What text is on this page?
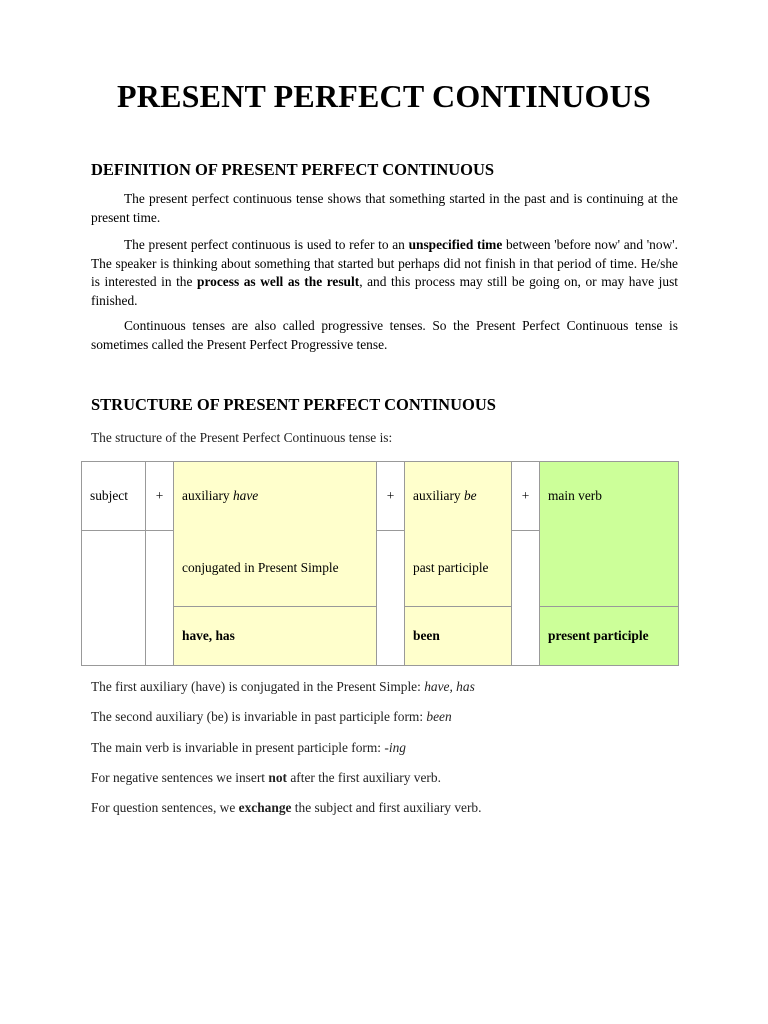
PRESENT PERFECT CONTINUOUS
DEFINITION OF PRESENT PERFECT CONTINUOUS

The present perfect continuous tense shows that something started in the past and is continuing at the present time.

The present perfect continuous is used to refer to an unspecified time between 'before now' and 'now'. The speaker is thinking about something that started but perhaps did not finish in that period of time. He/she is interested in the process as well as the result, and this process may still be going on, or may have just finished.

Continuous tenses are also called progressive tenses. So the Present Perfect Continuous tense is sometimes called the Present Perfect Progressive tense.

STRUCTURE OF PRESENT PERFECT CONTINUOUS

The structure of the Present Perfect Continuous tense is:

subject	+	auxiliary have	+	auxiliary be	+	main verb
		conjugated in Present Simple		past participle		
		have, has		been		present participle

The first auxiliary (have) is conjugated in the Present Simple: have, has

The second auxiliary (be) is invariable in past participle form: been

The main verb is invariable in present participle form: -ing

For negative sentences we insert not after the first auxiliary verb.

For question sentences, we exchange the subject and first auxiliary verb.
